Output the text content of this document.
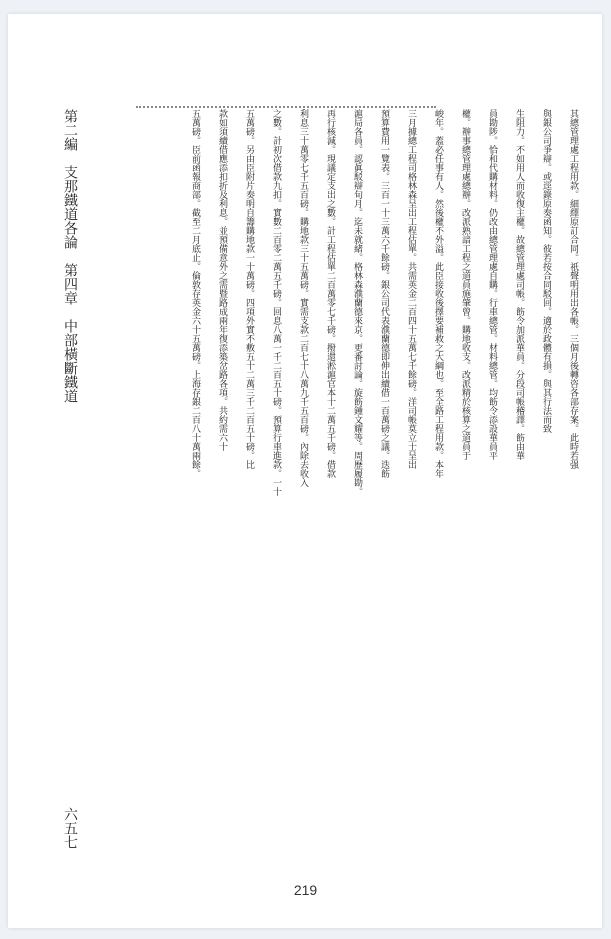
其總管理處工程用款。細繹原訂合同。祇聲明用出各帳。三個月後轉咨各部存案。此時若强
與銀公司爭辯。或逕錄原奏函知。彼若按合同駁回。適於政體有損。與其行法而致
生阻力。不如用人而收復主權。故總管理處司帳。飭令加派華員。分段司帳稽譯。飭由華
員勘陟。恰和代購材料。仍改由總管理處自購。行車總管。材料總管。均飭令添設華員平
權。辦事總管理處總辦。改派熟諳工程之道員施肇曾。購地收支。改派精於核算之道員于
峻年。蓋必任事有人。然後權不外溢。此臣接收後擇要補救之大綱也。至全路工程用款。本年
三月據總工程司格林森呈出工程估單。共需英金二百四十五萬七千餘磅。洋司帳莫立士呈出
預算費用一覽表。三百一十三萬六千餘磅。銀公司代表濮蘭德即伸出續借一百萬磅之議。迭飭
滬局各員。認眞駁辯旬月。迄未就緒。格林森濮蘭德來京。更番討論。旋飭鍾文耀等。周歷履勘。
再行核減。現議定支出之數。計工程估單二百萬零七千磅。撥還淞滬官本十二萬五千磅。借款
利息三十萬零七千五百磅。購地款三十五萬磅。實需支款二百七十八萬九千五百磅。內除去收入
之數。計初次借款九扣。實數二百零二萬五千磅。回息八萬一千二百五十磅。預算行車進款。一十
五萬磅。另由臣附片奏明自籌購地款一十萬磅。四項外實不敷五十二萬三千二百五十磅。比
款如須續借應添扣折及利息。並預備意外之需暨路成兩年復添築岔路各項。共約需六十
五萬磅。臣前函報商部。截至二月底止。倫敦存英金六十五萬磅。上海存銀二百八十萬兩餘。
第二編　支那鐵道各論　第四章　中部橫斷鐵道
六五七
219
